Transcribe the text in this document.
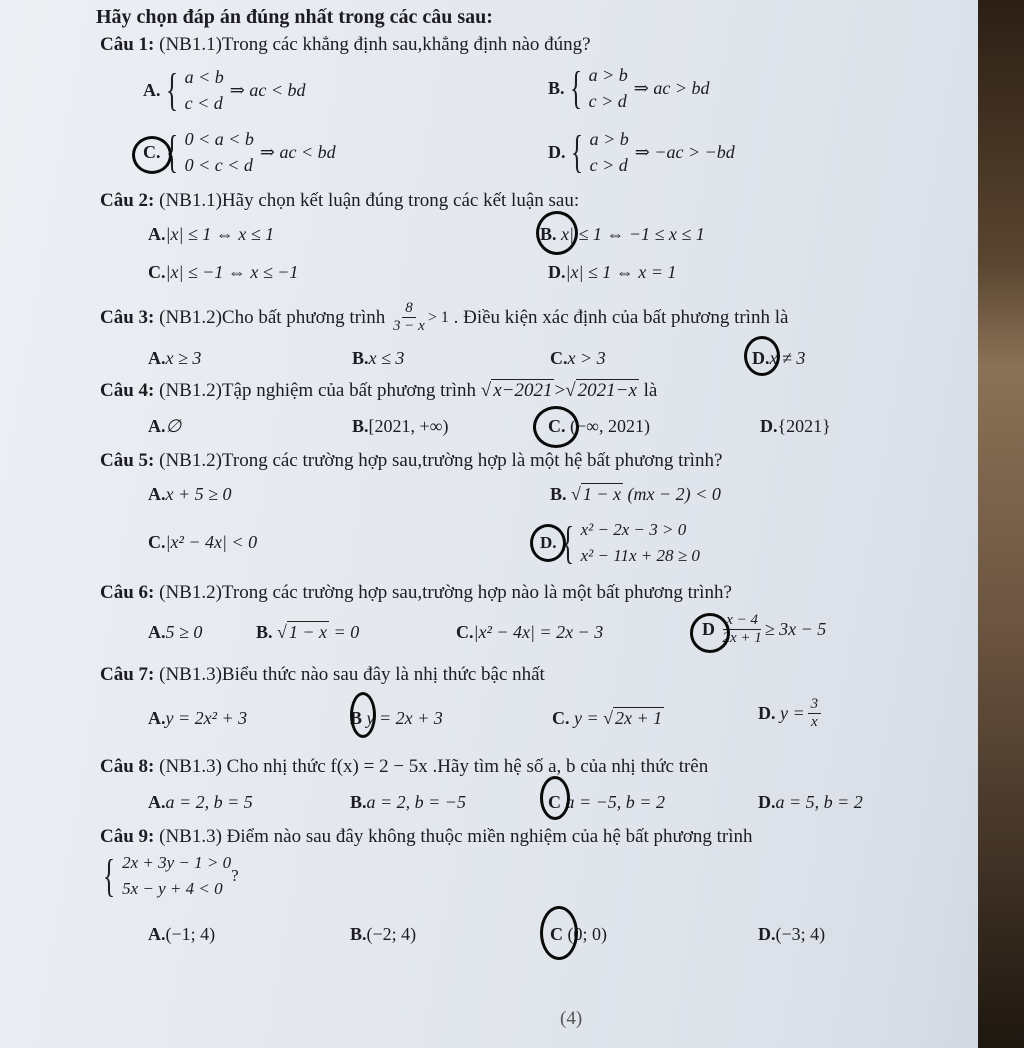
Hãy chọn đáp án đúng nhất trong các câu sau:
Câu 1: (NB1.1)Trong các khẳng định sau,khẳng định nào đúng?
A. { a < b
c < d
⇒ ac < bd	B. { a > b
c > d
⇒ ac > bd
C. { 0 < a < b
0 < c < d
⇒ ac < bd	D. { a > b
c > d
⇒ −ac > −bd
Câu 2: (NB1.1)Hãy chọn kết luận đúng trong các kết luận sau:
A.|x| ≤ 1 ⇔ x ≤ 1	B. x| ≤ 1 ⇔ −1 ≤ x ≤ 1
C.|x| ≤ −1 ⇔ x ≤ −1	D.|x| ≤ 1 ⇔ x = 1
Câu 3:
(NB1.2)Cho bất phương trình
$\frac{8}{3 - x} > 1$
. Điều kiện xác định của bất phương trình là
A.x ≥ 3	B.x ≤ 3	C.x > 3	D.x ≠ 3
Câu 4:
(NB1.2)Tập nghiệm của bất phương trình
√ x−2021 > √ 2021−x
là
A.∅	B.[2021, +∞)	C. (−∞, 2021)	D.{2021}
Câu 5: (NB1.2)Trong các trường hợp sau,trường hợp là một hệ bất phương trình?
A.x + 5 ≥ 0	B. √ 1 − x (mx − 2) < 0
C.|x² − 4x| < 0	D. { x² − 2x − 3 > 0
x² − 11x + 28 ≥ 0
Câu 6: (NB1.2)Trong các trường hợp sau,trường hợp nào là một bất phương trình?
A.5 ≥ 0	B. √ 1 − x = 0	C.|x² − 4x| = 2x − 3	D
$\frac{x - 4}{2x + 1} \ge 3x - 5$
Câu 7: (NB1.3)Biểu thức nào sau đây là nhị thức bậc nhất
A.y = 2x² + 3	B y = 2x + 3	C. y = √ 2x + 1	D.
$y = \frac{3}{x}$
Câu 8: (NB1.3) Cho nhị thức f(x) = 2 − 5x .Hãy tìm hệ số a, b của nhị thức trên
A.a = 2, b = 5	B.a = 2, b = −5	C a = −5, b = 2	D.a = 5, b = 2
Câu 9: (NB1.3) Điểm nào sau đây không thuộc miền nghiệm của hệ bất phương trình
{ 2x + 3y − 1 > 0
5x − y + 4 < 0
?
A.(−1; 4)	B.(−2; 4)	C (0; 0)	D.(−3; 4)
(4)
